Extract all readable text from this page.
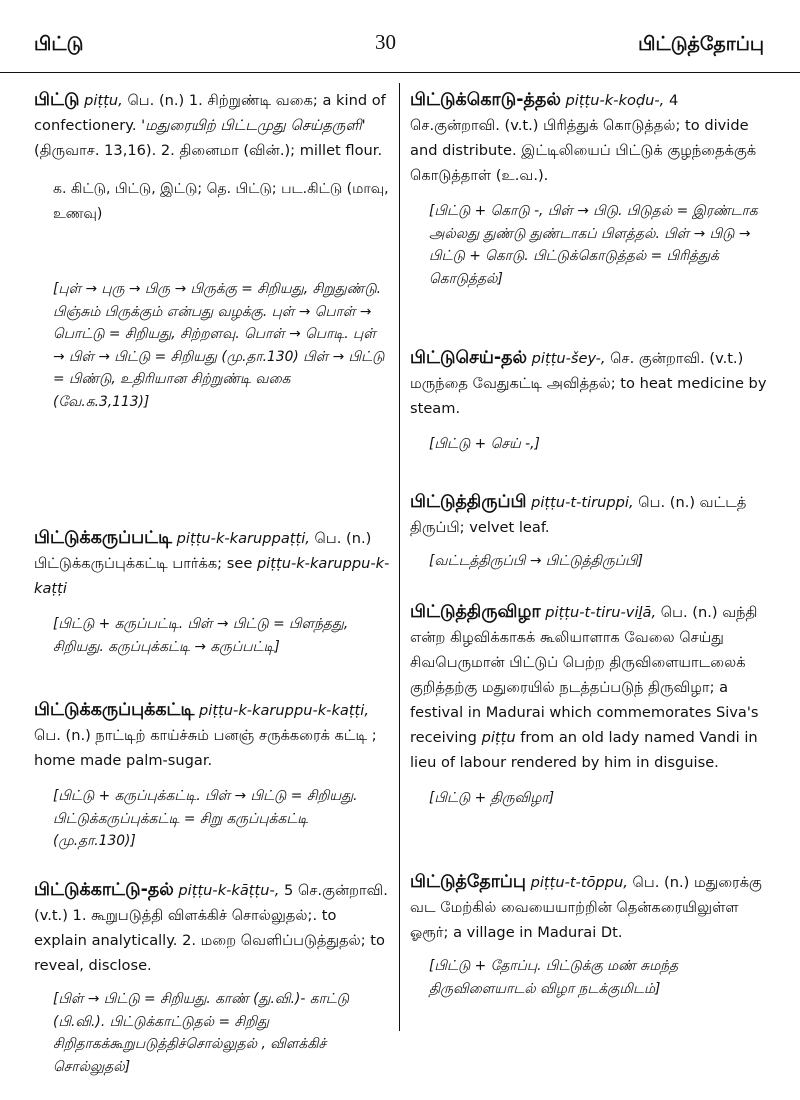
பிட்டு	30	பிட்டுத்தோப்பு

பிட்டு piṭṭu, பெ. (n.) 1. சிற்றுண்டி வகை; a kind of confectionery. 'மதுரையிற் பிட்டமுது செய்தருளி' (திருவாச. 13,16). 2. தினைமா (வின்.); millet flour.

க. கிட்டு, பிட்டு, இட்டு; தெ. பிட்டு; பட.கிட்டு (மாவு, உணவு)

[புள் → புரு → பிரு → பிருக்கு = சிறியது, சிறுதுண்டு. பிஞ்சும் பிருக்கும் என்பது வழக்கு. புள் → பொள் → பொட்டு = சிறியது, சிற்றளவு. பொள் → பொடி. புள் → பிள் → பிட்டு = சிறியது (மு.தா.130) பிள் → பிட்டு = பிண்டு, உதிரியான சிற்றுண்டி வகை (வே.க.3,113)]

பிட்டுக்கருப்பட்டி piṭṭu-k-karuppaṭṭi, பெ. (n.) பிட்டுக்கருப்புக்கட்டி பார்க்க; see piṭṭu-k-karuppu-k-kaṭṭi

[பிட்டு + கருப்பட்டி. பிள் → பிட்டு = பிளந்தது, சிறியது. கருப்புக்கட்டி → கருப்பட்டி]

பிட்டுக்கருப்புக்கட்டி piṭṭu-k-karuppu-k-kaṭṭi, பெ. (n.) நாட்டிற் காய்ச்சும் பனஞ் சருக்கரைக் கட்டி ; home made palm-sugar.

[பிட்டு + கருப்புக்கட்டி. பிள் → பிட்டு = சிறியது. பிட்டுக்கருப்புக்கட்டி = சிறு கருப்புக்கட்டி (மு.தா.130)]

பிட்டுக்காட்டு-தல் piṭṭu-k-kāṭṭu-, 5 செ.குன்றாவி. (v.t.) 1. கூறுபடுத்தி விளக்கிச் சொல்லுதல்;. to explain analytically. 2. மறை வெளிப்படுத்துதல்; to reveal, disclose.

[பிள் → பிட்டு = சிறியது. காண் (து.வி.)- காட்டு (பி.வி.). பிட்டுக்காட்டுதல் = சிறிது சிறிதாகக்கூறுபடுத்திச்சொல்லுதல் , விளக்கிச் சொல்லுதல்]

பிட்டுக்கொடு-த்தல் piṭṭu-k-koḍu-, 4 செ.குன்றாவி. (v.t.) பிரித்துக் கொடுத்தல்; to divide and distribute. இட்டிலியைப் பிட்டுக் குழந்தைக்குக் கொடுத்தாள் (உ.வ.).

[பிட்டு + கொடு -, பிள் → பிடு. பிடுதல் = இரண்டாக அல்லது துண்டு துண்டாகப் பிளத்தல். பிள் → பிடு → பிட்டு + கொடு. பிட்டுக்கொடுத்தல் = பிரித்துக் கொடுத்தல்]

பிட்டுசெய்-தல் piṭṭu-šey-, செ. குன்றாவி. (v.t.) மருந்தை வேதுகட்டி அவித்தல்; to heat medicine by steam.

[பிட்டு + செய் -,]

பிட்டுத்திருப்பி piṭṭu-t-tiruppi, பெ. (n.) வட்டத் திருப்பி; velvet leaf.

[வட்டத்திருப்பி → பிட்டுத்திருப்பி]

பிட்டுத்திருவிழா piṭṭu-t-tiru-viḻā, பெ. (n.) வந்தி என்ற கிழவிக்காகக் கூலியாளாக வேலை செய்து சிவபெருமான் பிட்டுப் பெற்ற திருவிளையாடலைக் குறித்தற்கு மதுரையில் நடத்தப்படுந் திருவிழா; a festival in Madurai which commemorates Siva's receiving piṭṭu from an old lady named Vandi in lieu of labour rendered by him in disguise.

[பிட்டு + திருவிழா]

பிட்டுத்தோப்பு piṭṭu-t-tōppu, பெ. (n.) மதுரைக்கு வட மேற்கில் வையையாற்றின் தென்கரையிலுள்ள ஓரூர்; a village in Madurai Dt.

[பிட்டு + தோப்பு. பிட்டுக்கு மண் சுமந்த திருவிளையாடல் விழா நடக்குமிடம்]
